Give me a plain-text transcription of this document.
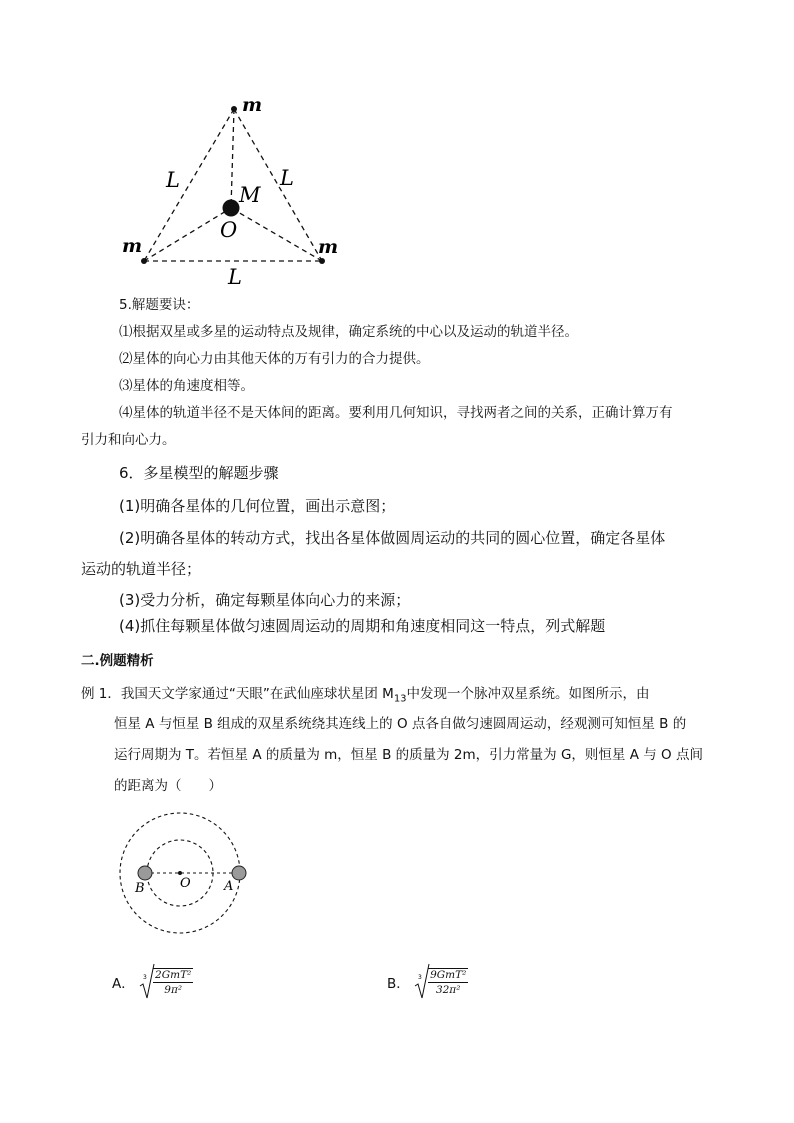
m
m	m
M
O
L	L
L
5.解题要诀：
⑴根据双星或多星的运动特点及规律，确定系统的中心以及运动的轨道半径。
⑵星体的向心力由其他天体的万有引力的合力提供。
⑶星体的角速度相等。
⑷星体的轨道半径不是天体间的距离。要利用几何知识，寻找两者之间的关系，正确计算万有
引力和向心力。
6．多星模型的解题步骤
(1)明确各星体的几何位置，画出示意图；
(2)明确各星体的转动方式，找出各星体做圆周运动的共同的圆心位置，确定各星体
运动的轨道半径；
(3)受力分析，确定每颗星体向心力的来源；
(4)抓住每颗星体做匀速圆周运动的周期和角速度相同这一特点，列式解题
二.例题精析
例 1．我国天文学家通过“天眼”在武仙座球状星团 $M_{13}$中发现一个脉冲双星系统。如图所示，由
恒星 A 与恒星 B 组成的双星系统绕其连线上的 O 点各自做匀速圆周运动，经观测可知恒星 B 的
运行周期为 T。若恒星 A 的质量为 m，恒星 B 的质量为 2m，引力常量为 G，则恒星 A 与 O 点间
的距离为（　　）
B	O	A
A． $3 \frac{\text{2GmT²}}{\text{9π²}}$	B． $3 \frac{\text{9GmT²}}{\text{32π²}}$
